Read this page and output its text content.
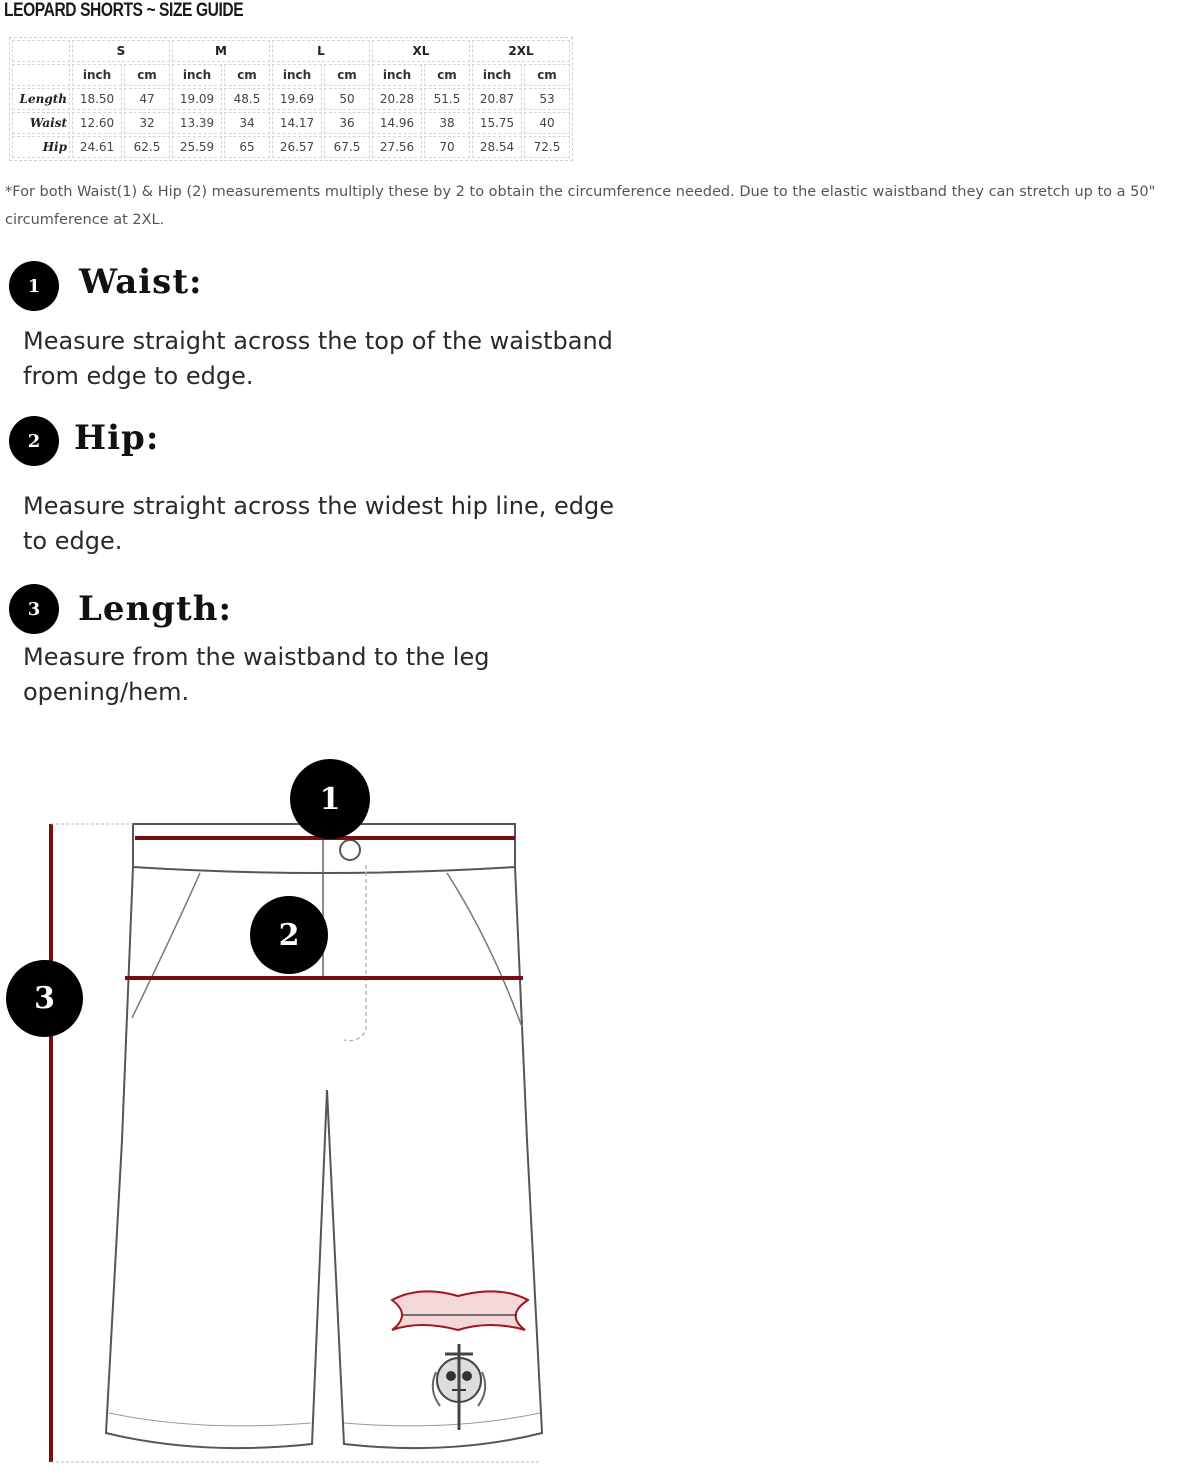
LEOPARD SHORTS ~ SIZE GUIDE
	S		M		L		XL		2XL	
	inch	cm	inch	cm	inch	cm	inch	cm	inch	cm
Length	18.50	47	19.09	48.5	19.69	50	20.28	51.5	20.87	53
Waist	12.60	32	13.39	34	14.17	36	14.96	38	15.75	40
Hip	24.61	62.5	25.59	65	26.57	67.5	27.56	70	28.54	72.5
*For both Waist(1) & Hip (2) measurements multiply these by 2 to obtain the circumference needed. Due to the elastic waistband they can stretch up to a 50" circumference at 2XL.
1	Waist:
Measure straight across the top of the waistband from edge to edge.
2 Hip:
Measure straight across the widest hip line, edge to edge.
3	Length:
Measure from the waistband to the leg opening/hem.
1
2
3
